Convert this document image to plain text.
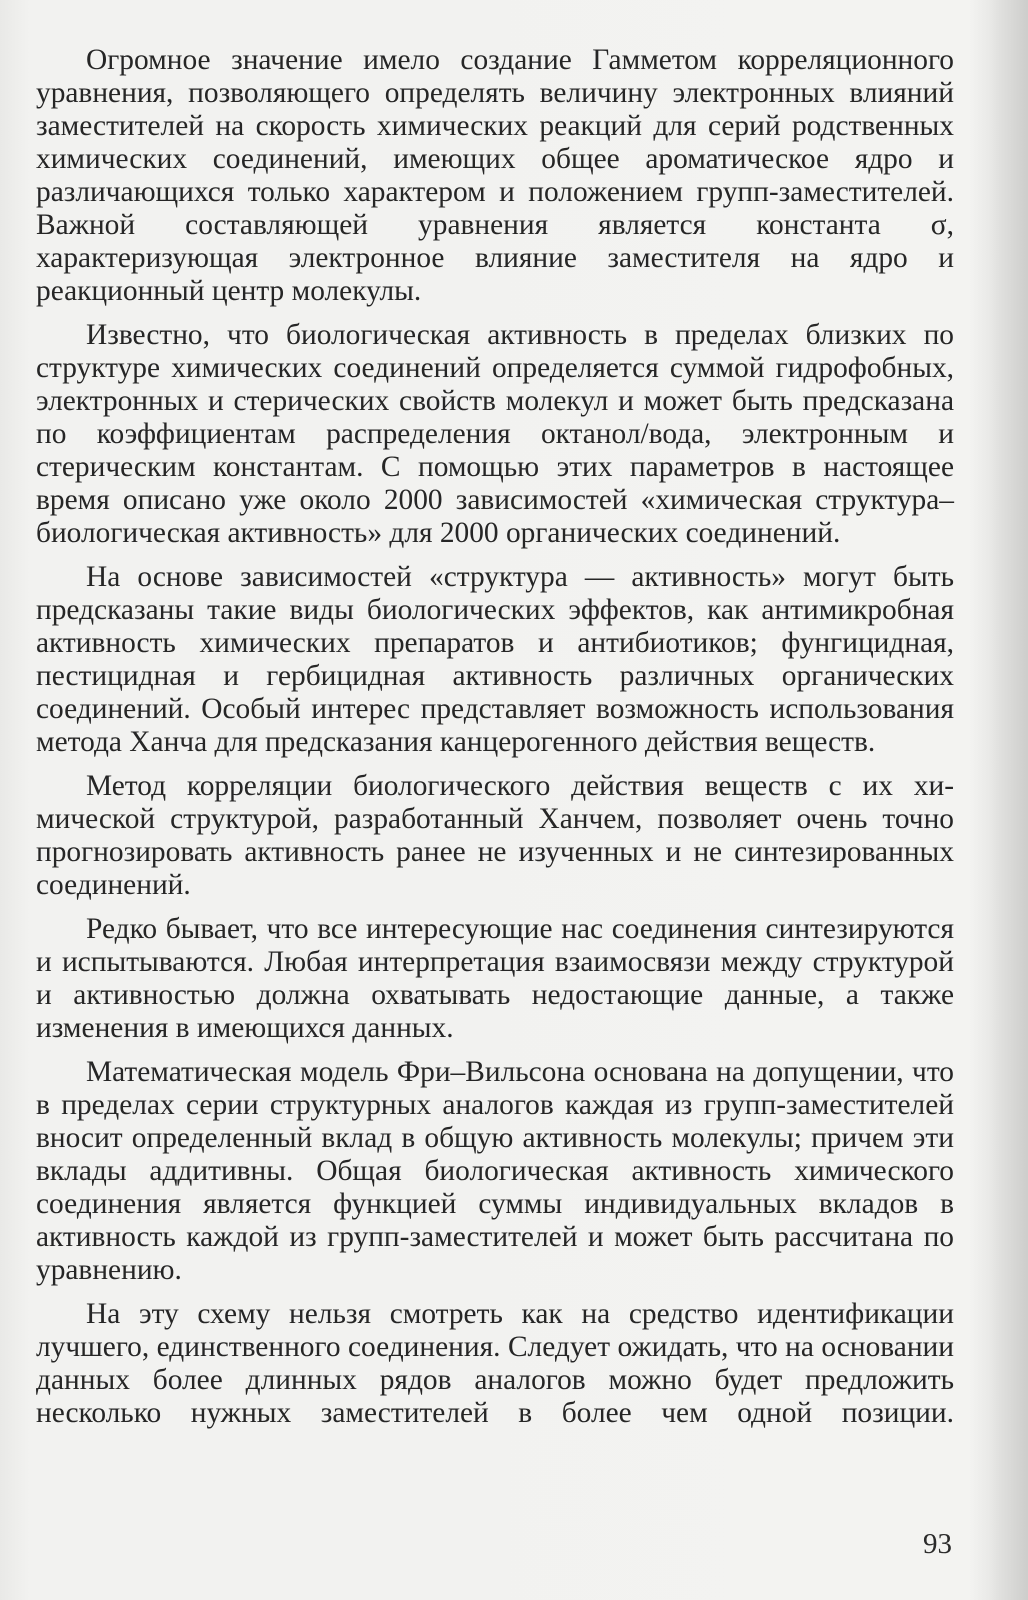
Огромное значение имело создание Гамметом корреляционного уравнения, позволяющего определять величину электронных влияний заместителей на скорость химических реакций для серий родственных химических соединений, имеющих общее ароматическое ядро и различающихся только характером и положением групп-заместителей. Важной составляющей уравнения является константа σ, характеризующая электронное влияние заместителя на ядро и реакционный центр молекулы.

Известно, что биологическая активность в пределах близких по структуре химических соединений определяется суммой гидрофобных, электронных и стерических свойств молекул и может быть предсказана по коэффициентам распределения октанол/вода, электронным и стерическим константам. С помощью этих параметров в настоящее время описано уже около 2000 зависимостей «химическая структура–биологическая активность» для 2000 органических соединений.

На основе зависимостей «структура — активность» могут быть предсказаны такие виды биологических эффектов, как антимикробная активность химических препаратов и антибиотиков; фунгицидная, пестицидная и гербицидная активность различных органических соединений. Особый интерес представляет возможность использования метода Ханча для предсказания канцерогенного действия веществ.

Метод корреляции биологического действия веществ с их химической структурой, разработанный Ханчем, позволяет очень точно прогнозировать активность ранее не изученных и не синтезированных соединений.

Редко бывает, что все интересующие нас соединения синтезируются и испытываются. Любая интерпретация взаимосвязи между структурой и активностью должна охватывать недостающие данные, а также изменения в имеющихся данных.

Математическая модель Фри–Вильсона основана на допущении, что в пределах серии структурных аналогов каждая из групп-заместителей вносит определенный вклад в общую активность молекулы; причем эти вклады аддитивны. Общая биологическая активность химического соединения является функцией суммы индивидуальных вкладов в активность каждой из групп-заместителей и может быть рассчитана по уравнению.

На эту схему нельзя смотреть как на средство идентификации лучшего, единственного соединения. Следует ожидать, что на основании данных более длинных рядов аналогов можно будет предложить несколько нужных заместителей в более чем одной позиции.

93
